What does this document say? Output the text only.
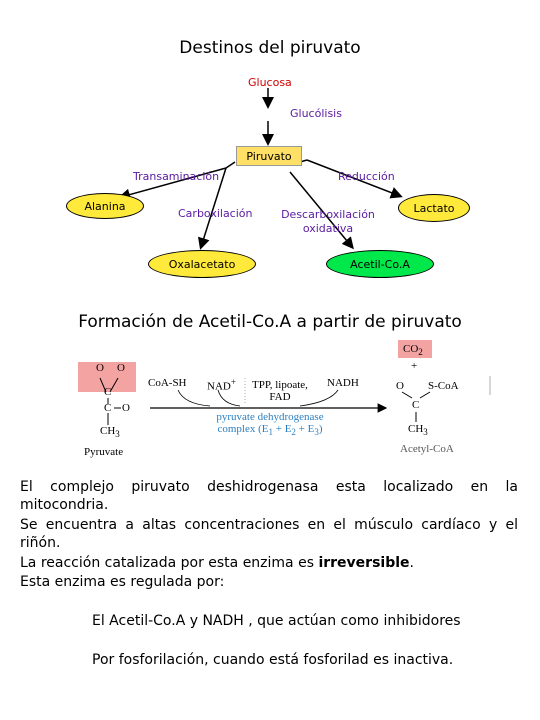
Destinos del piruvato
Glucosa
Glucólisis
Piruvato
Transaminación	Reducción
Alanina
Carboxilación	Descarboxilación
oxidativa
Lactato
Oxalacetato	Acetil-Co.A
Formación de Acetil-Co.A a partir de piruvato
O O
C
C O
$CH_3$
Pyruvate
CoA-SH NAD+ TPP, lipoate,
FAD
NADH
pyruvate dehydrogenase
complex $(E_1 + E_2 + E_3)$
$CO_2$
+
O S-CoA
C
$CH_3$
Acetyl-CoA
El complejo piruvato deshidrogenasa esta localizado en la
mitocondria.
Se encuentra a altas concentraciones en el músculo cardíaco y el
riñón.
La reacción catalizada por esta enzima es irreversible.
Esta enzima es regulada por:
El Acetil-Co.A y NADH , que actúan como inhibidores
Por fosforilación, cuando está fosforilad es inactiva.
